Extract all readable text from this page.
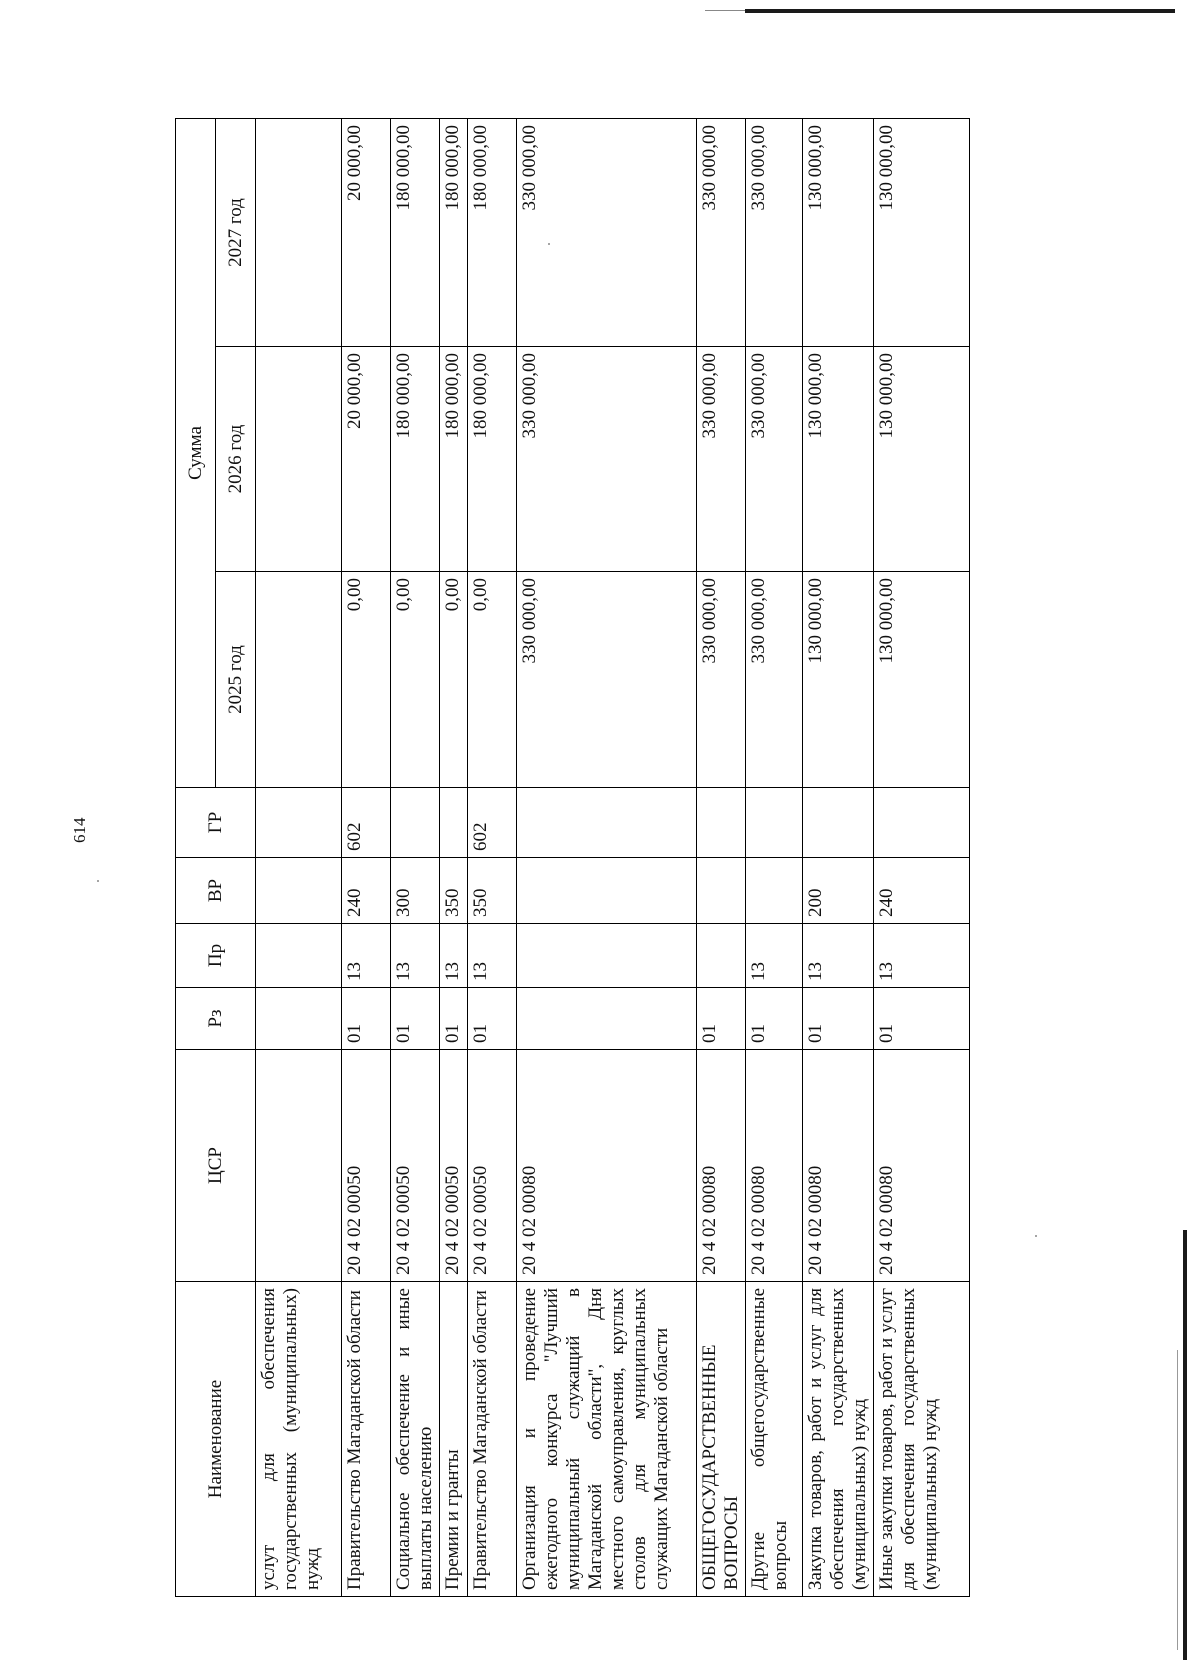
614
Наименование	ЦСР	Рз	Пр	ВР	ГР	Сумма		
						2025 год	2026 год	2027 год
услут для обеспечения государственных (муниципальных) нужд								
Правительство Магаданской области	20 4 02 00050	01	13	240	602	0,00	20 000,00	20 000,00
Социальное обеспечение и иные выплаты населению	20 4 02 00050	01	13	300		0,00	180 000,00	180 000,00
Премии и гранты	20 4 02 00050	01	13	350		0,00	180 000,00	180 000,00
Правительство Магаданской области	20 4 02 00050	01	13	350	602	0,00	180 000,00	180 000,00
Организация и проведение ежегодного конкурса "Лучший муниципальный служащий в Магаданской области", Дня местного самоуправления, круглых столов для муниципальных служащих Магаданской области	20 4 02 00080					330 000,00	330 000,00	330 000,00
ОБЩЕГОСУДАРСТВЕННЫЕ ВОПРОСЫ	20 4 02 00080	01				330 000,00	330 000,00	330 000,00
Другие общегосударственные вопросы	20 4 02 00080	01	13			330 000,00	330 000,00	330 000,00
Закупка товаров, работ и услуг для обеспечения государственных (муниципальных) нужд	20 4 02 00080	01	13	200		130 000,00	130 000,00	130 000,00
Иные закупки товаров, работ и услуг для обеспечения государственных (муниципальных) нужд	20 4 02 00080	01	13	240		130 000,00	130 000,00	130 000,00
